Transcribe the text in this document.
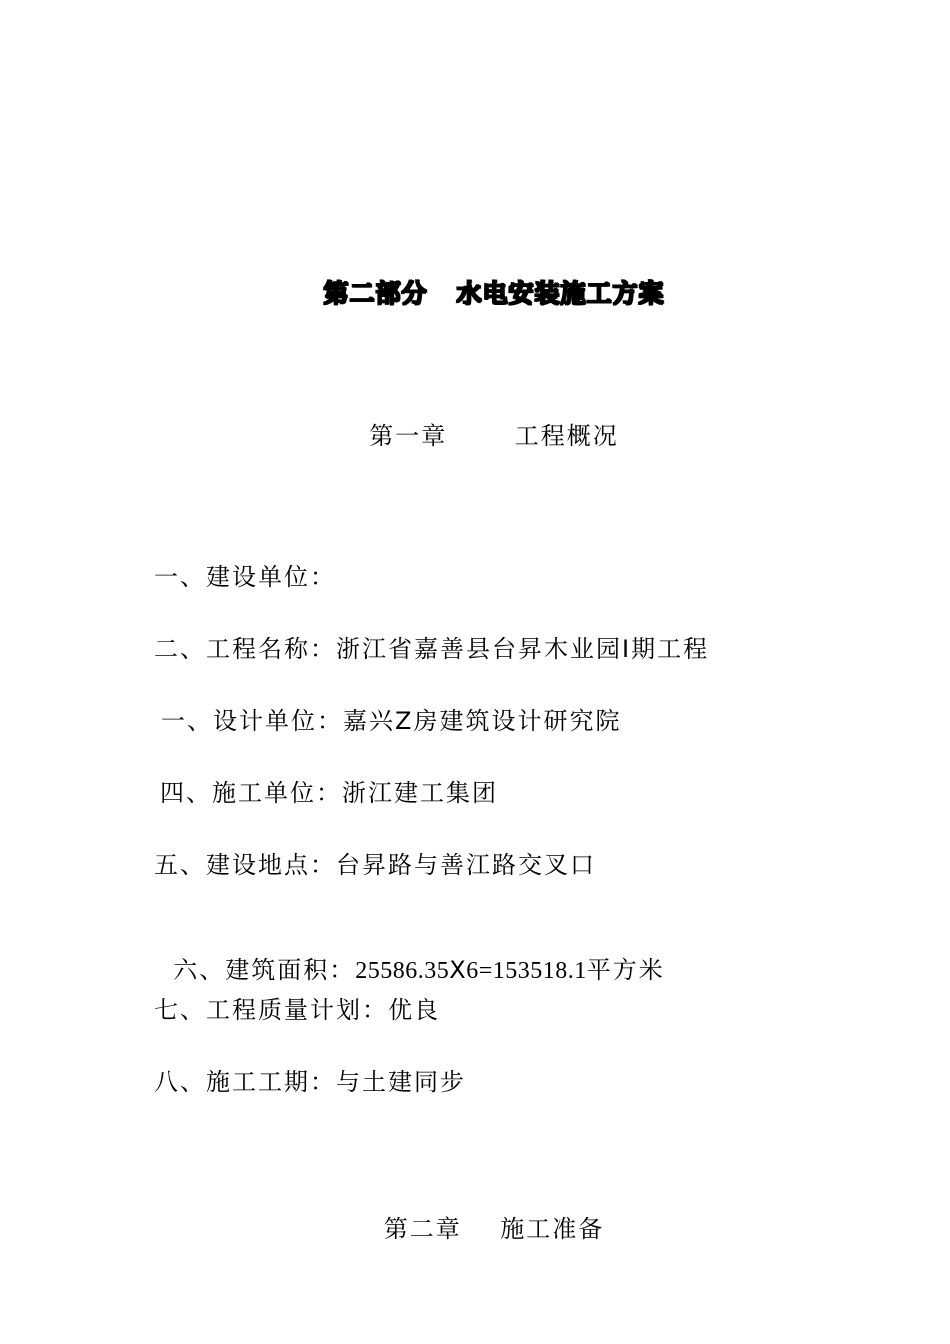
第二部分   水电安装施工方案
第一章       工程概况
一、建设单位：
二、工程名称：浙江省嘉善县台昇木业园I期工程
一、设计单位：嘉兴Z房建筑设计研究院
四、施工单位：浙江建工集团
五、建设地点：台昇路与善江路交叉口

六、建筑面积：25586.35Ⅹ6=153518.1平方米

七、工程质量计划：优良
八、施工工期：与土建同步
第二章    施工准备
